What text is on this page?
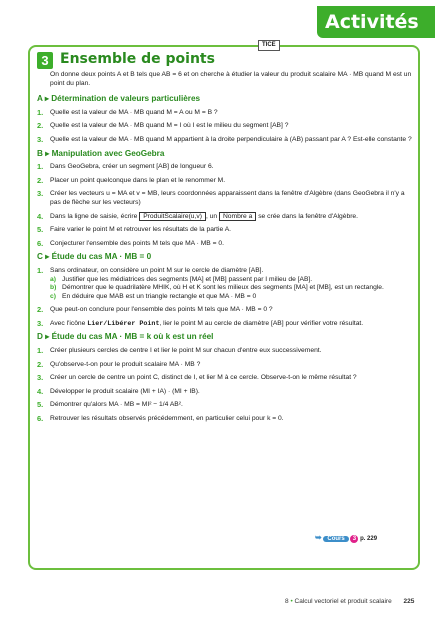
Activités
TICE
3 Ensemble de points
On donne deux points A et B tels que AB = 6 et on cherche à étudier la valeur du produit scalaire MA · MB quand M est un point du plan.
A ▸ Détermination de valeurs particulières
1. Quelle est la valeur de MA · MB quand M = A ou M = B ?
2. Quelle est la valeur de MA · MB quand M = I où I est le milieu du segment [AB] ?
3. Quelle est la valeur de MA · MB quand M appartient à la droite perpendiculaire à (AB) passant par A ? Est-elle constante ?
B ▸ Manipulation avec GeoGebra
1. Dans GeoGebra, créer un segment [AB] de longueur 6.
2. Placer un point quelconque dans le plan et le renommer M.
3. Créer les vecteurs u = MA et v = MB, leurs coordonnées apparaissent dans la fenêtre d'Algèbre (dans GeoGebra il n'y a pas de flèche sur les vecteurs)
4. Dans la ligne de saisie, écrire ProduitScalaire(u,v) , un Nombre a se crée dans la fenêtre d'Algèbre.
5. Faire varier le point M et retrouver les résultats de la partie A.
6. Conjecturer l'ensemble des points M tels que MA · MB = 0.
C ▸ Étude du cas MA · MB = 0
1. Sans ordinateur, on considère un point M sur le cercle de diamètre [AB].
a) Justifier que les médiatrices des segments [MA] et [MB] passent par I milieu de [AB].
b) Démontrer que le quadrilatère MHIK, où H et K sont les milieux des segments [MA] et [MB], est un rectangle.
c) En déduire que MAB est un triangle rectangle et que MA · MB = 0
2. Que peut-on conclure pour l'ensemble des points M tels que MA · MB = 0 ?
3. Avec l'icône Lier/Libérer Point, lier le point M au cercle de diamètre [AB] pour vérifier votre résultat.
D ▸ Étude du cas MA · MB = k où k est un réel
1. Créer plusieurs cercles de centre I et lier le point M sur chacun d'entre eux successivement.
2. Qu'observe-t-on pour le produit scalaire MA · MB ?
3. Créer un cercle de centre un point C, distinct de I, et lier M à ce cercle. Observe-t-on le même résultat ?
4. Développer le produit scalaire (MI + IA) · (MI + IB).
5. Démontrer qu'alors MA · MB = MI² − 1/4 AB².
6. Retrouver les résultats observés précédemment, en particulier celui pour k = 0.
➥ Cours 3 p. 229
8 • Calcul vectoriel et produit scalaire 225
